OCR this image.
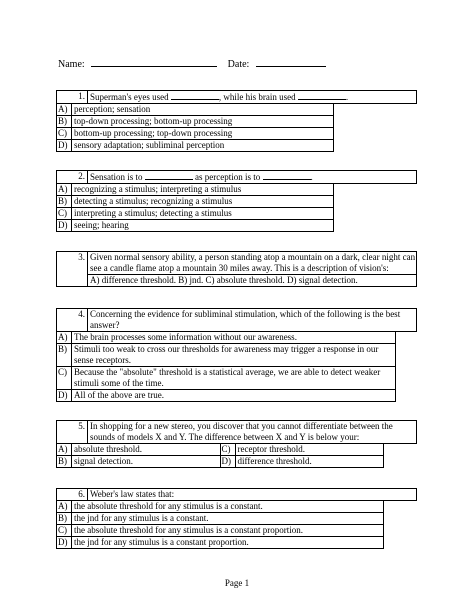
Name:	Date:
1. Superman's eyes used	, while his brain used	.
A) perception; sensation
B) top-down processing; bottom-up processing
C) bottom-up processing; top-down processing
D) sensory adaptation; subliminal perception
2. Sensation is to	as perception is to	.
A) recognizing a stimulus; interpreting a stimulus
B) detecting a stimulus; recognizing a stimulus
C) interpreting a stimulus; detecting a stimulus
D) seeing; hearing
3. Given normal sensory ability, a person standing atop a mountain on a dark, clear night can see a candle flame atop a mountain 30 miles away. This is a description of vision's:
A) difference threshold. B) jnd. C) absolute threshold. D) signal detection.
4. Concerning the evidence for subliminal stimulation, which of the following is the best answer?
A) The brain processes some information without our awareness.
B) Stimuli too weak to cross our thresholds for awareness may trigger a response in our sense receptors.
C) Because the "absolute" threshold is a statistical average, we are able to detect weaker stimuli some of the time.
D) All of the above are true.
5. In shopping for a new stereo, you discover that you cannot differentiate between the sounds of models X and Y. The difference between X and Y is below your:
A) absolute threshold.	C) receptor threshold.
B) signal detection.	D) difference threshold.
6. Weber's law states that:
A) the absolute threshold for any stimulus is a constant.
B) the jnd for any stimulus is a constant.
C) the absolute threshold for any stimulus is a constant proportion.
D) the jnd for any stimulus is a constant proportion.
Page 1
